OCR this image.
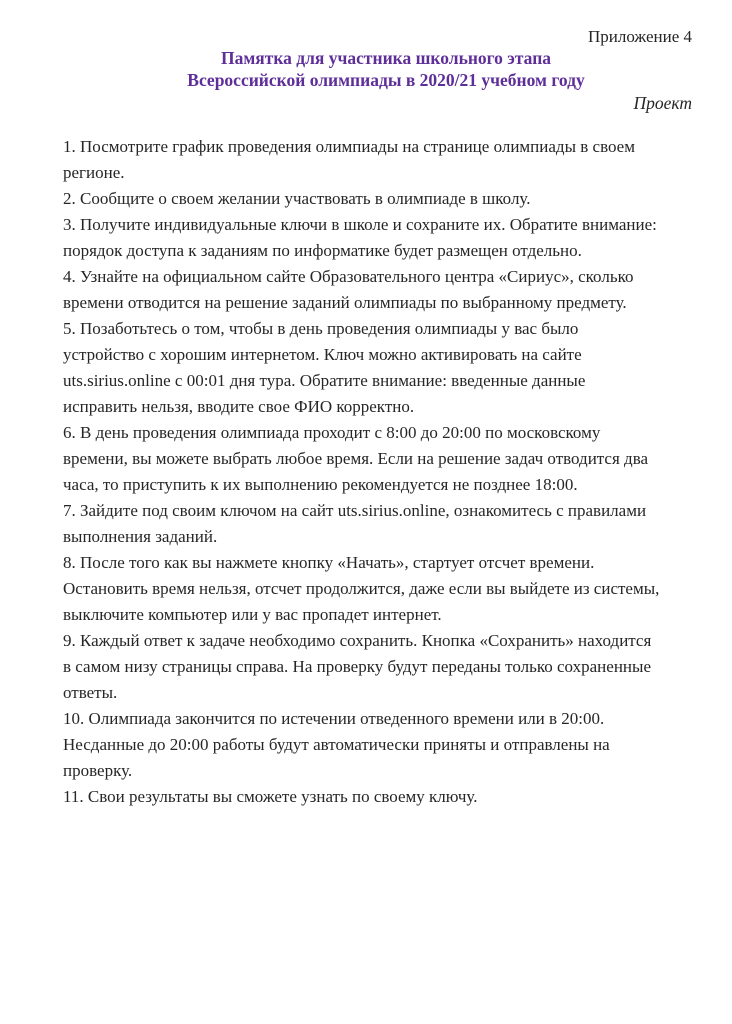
Приложение 4
Памятка для участника школьного этапа
Всероссийской олимпиады в 2020/21 учебном году
Проект

1. Посмотрите график проведения олимпиады на странице олимпиады в своем
регионе.

2. Сообщите о своем желании участвовать в олимпиаде в школу.

3. Получите индивидуальные ключи в школе и сохраните их. Обратите внимание:
порядок доступа к заданиям по информатике будет размещен отдельно.

4. Узнайте на официальном сайте Образовательного центра «Сириус», сколько
времени отводится на решение заданий олимпиады по выбранному предмету.

5. Позаботьтесь о том, чтобы в день проведения олимпиады у вас было
устройство с хорошим интернетом. Ключ можно активировать на сайте
uts.sirius.online с 00:01 дня тура. Обратите внимание: введенные данные
исправить нельзя, вводите свое ФИО корректно.

6. В день проведения олимпиада проходит с 8:00 до 20:00 по московскому
времени, вы можете выбрать любое время. Если на решение задач отводится два
часа, то приступить к их выполнению рекомендуется не позднее 18:00.

7. Зайдите под своим ключом на сайт uts.sirius.online, ознакомитесь с правилами
выполнения заданий.

8. После того как вы нажмете кнопку «Начать», стартует отсчет времени.
Остановить время нельзя, отсчет продолжится, даже если вы выйдете из системы,
выключите компьютер или у вас пропадет интернет.

9. Каждый ответ к задаче необходимо сохранить. Кнопка «Сохранить» находится
в самом низу страницы справа. На проверку будут переданы только сохраненные
ответы.

10. Олимпиада закончится по истечении отведенного времени или в 20:00.
Несданные до 20:00 работы будут автоматически приняты и отправлены на
проверку.

11. Свои результаты вы сможете узнать по своему ключу.
